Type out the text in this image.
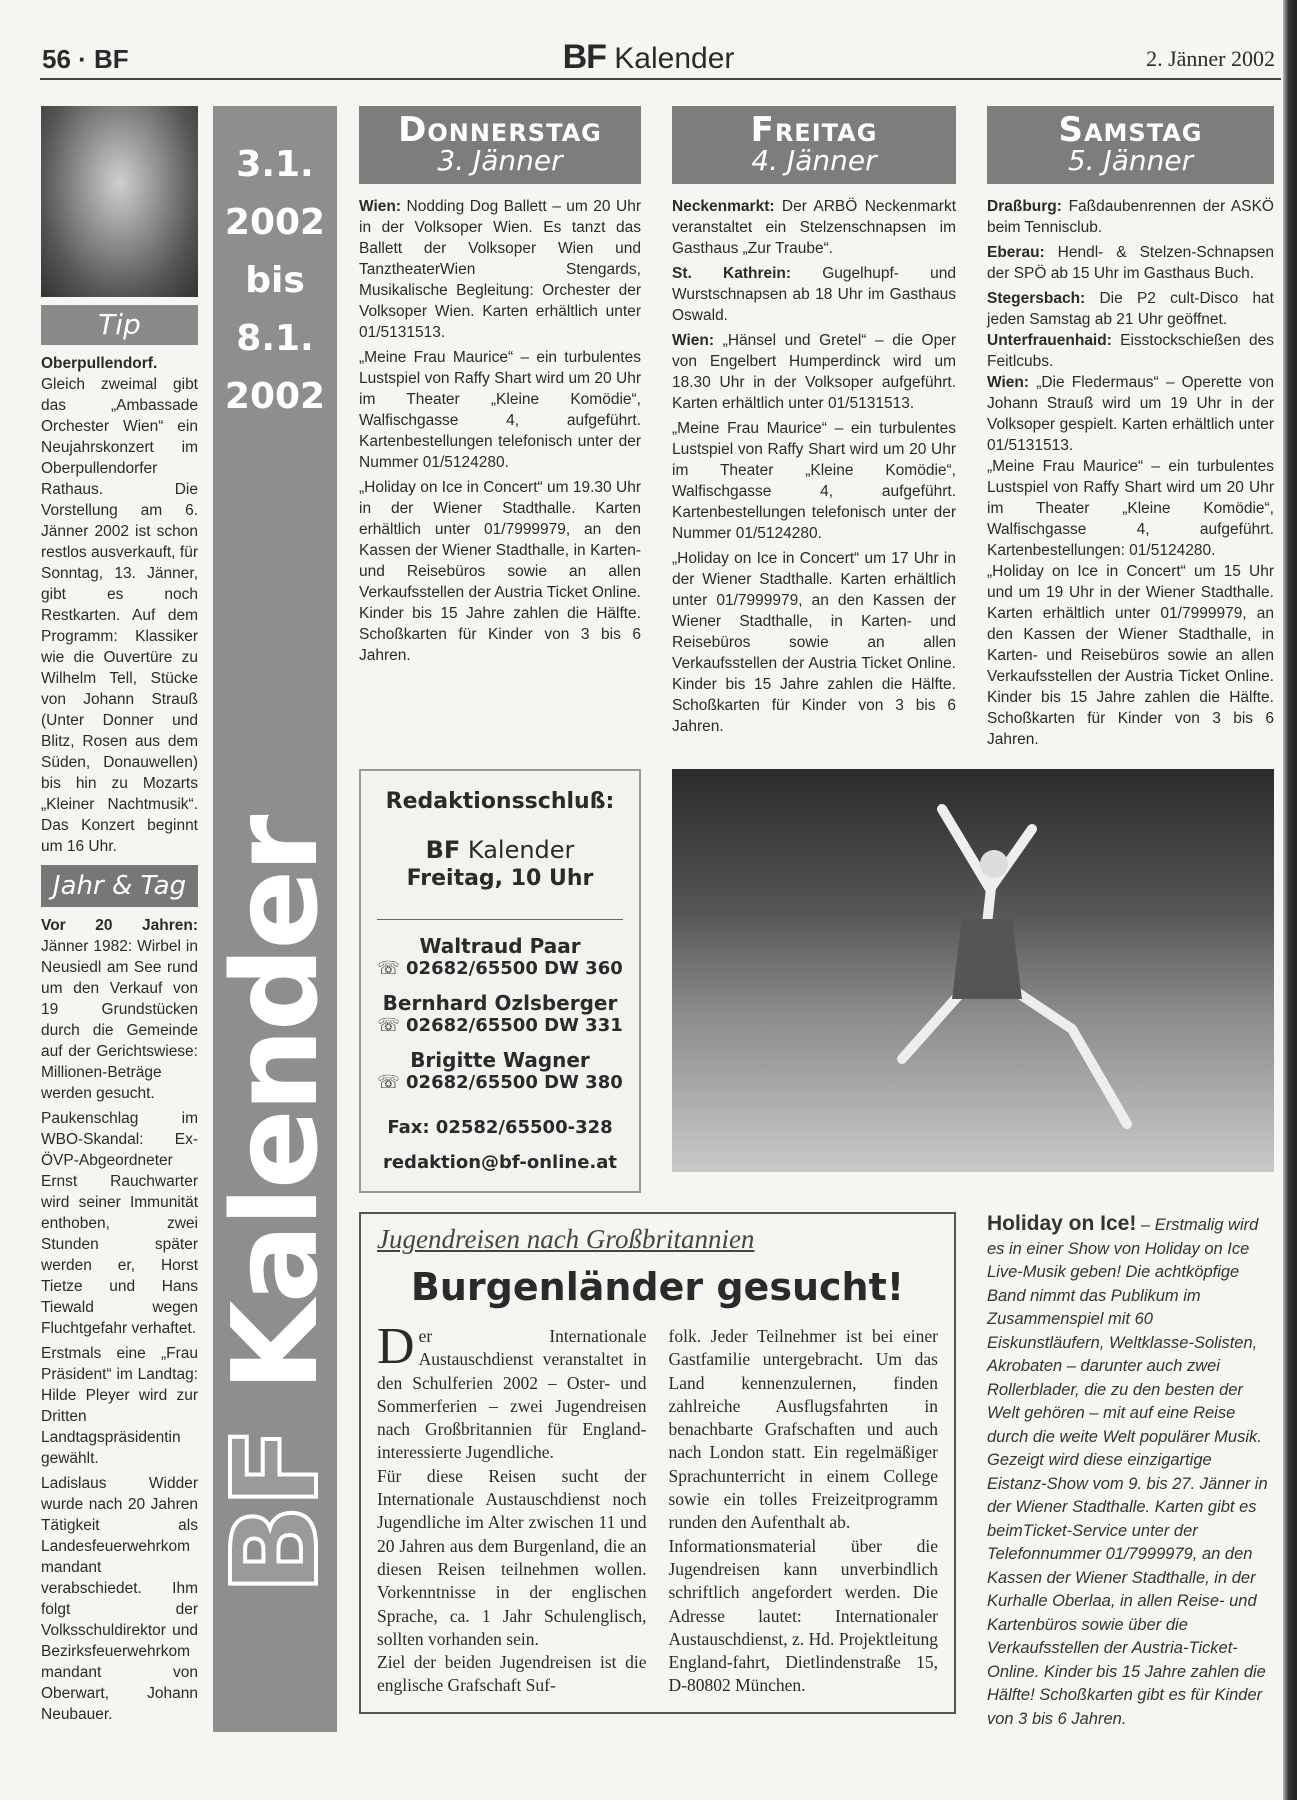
56 · BF	BF Kalender	2. Jänner 2002
Tip
Oberpullendorf. Gleich zweimal gibt das „Ambassade Orchester Wien“ ein Neujahrskonzert im Oberpullendorfer Rathaus. Die Vorstellung am 6. Jänner 2002 ist schon restlos ausverkauft, für Sonntag, 13. Jänner, gibt es noch Restkarten. Auf dem Programm: Klassiker wie die Ouvertüre zu Wilhelm Tell, Stücke von Johann Strauß (Unter Donner und Blitz, Rosen aus dem Süden, Donauwellen) bis hin zu Mozarts „Kleiner Nachtmusik“. Das Konzert beginnt um 16 Uhr.
Jahr & Tag

Vor 20 Jahren: Jänner 1982: Wirbel in Neusiedl am See rund um den Verkauf von 19 Grundstücken durch die Gemeinde auf der Gerichtswiese: Millionen-Beträge werden gesucht.

Paukenschlag im WBO-Skandal: Ex-ÖVP-Abgeordneter Ernst Rauchwarter wird seiner Immunität enthoben, zwei Stunden später werden er, Horst Tietze und Hans Tiewald wegen Fluchtgefahr verhaftet.

Erstmals eine „Frau Präsident“ im Landtag: Hilde Pleyer wird zur Dritten Landtagspräsidentin gewählt.

Ladislaus Widder wurde nach 20 Jahren Tätigkeit als Landesfeuerwehrkommandant verabschiedet. Ihm folgt der Volksschuldirektor und Bezirksfeuerwehrkommandant von Oberwart, Johann Neubauer.

3.1.
2002
bis
8.1.
2002
BF Kalender
Donnerstag
3. Jänner

Wien: Nodding Dog Ballett – um 20 Uhr in der Volksoper Wien. Es tanzt das Ballett der Volksoper Wien und TanztheaterWien Stengards, Musikalische Begleitung: Orchester der Volksoper Wien. Karten erhältlich unter 01/5131513.

„Meine Frau Maurice“ – ein turbulentes Lustspiel von Raffy Shart wird um 20 Uhr im Theater „Kleine Komödie“, Walfischgasse 4, aufgeführt. Kartenbestellungen telefonisch unter der Nummer 01/5124280.

„Holiday on Ice in Concert“ um 19.30 Uhr in der Wiener Stadthalle. Karten erhältlich unter 01/7999979, an den Kassen der Wiener Stadthalle, in Karten- und Reisebüros sowie an allen Verkaufsstellen der Austria Ticket Online. Kinder bis 15 Jahre zahlen die Hälfte. Schoßkarten für Kinder von 3 bis 6 Jahren.

Freitag
4. Jänner

Neckenmarkt: Der ARBÖ Neckenmarkt veranstaltet ein Stelzenschnapsen im Gasthaus „Zur Traube“.

St. Kathrein: Gugelhupf- und Wurstschnapsen ab 18 Uhr im Gasthaus Oswald.

Wien: „Hänsel und Gretel“ – die Oper von Engelbert Humperdinck wird um 18.30 Uhr in der Volksoper aufgeführt. Karten erhältlich unter 01/5131513.

„Meine Frau Maurice“ – ein turbulentes Lustspiel von Raffy Shart wird um 20 Uhr im Theater „Kleine Komödie“, Walfischgasse 4, aufgeführt. Kartenbestellungen telefonisch unter der Nummer 01/5124280.

„Holiday on Ice in Concert“ um 17 Uhr in der Wiener Stadthalle. Karten erhältlich unter 01/7999979, an den Kassen der Wiener Stadthalle, in Karten- und Reisebüros sowie an allen Verkaufsstellen der Austria Ticket Online. Kinder bis 15 Jahre zahlen die Hälfte. Schoßkarten für Kinder von 3 bis 6 Jahren.

Samstag
5. Jänner

Draßburg: Faßdaubenrennen der ASKÖ beim Tennisclub.

Eberau: Hendl- & Stelzen-Schnapsen der SPÖ ab 15 Uhr im Gasthaus Buch.

Stegersbach: Die P2 cult-Disco hat jeden Samstag ab 21 Uhr geöffnet.

Unterfrauenhaid: Eisstockschießen des Feitlcubs.

Wien: „Die Fledermaus“ – Operette von Johann Strauß wird um 19 Uhr in der Volksoper gespielt. Karten erhältlich unter 01/5131513.

„Meine Frau Maurice“ – ein turbulentes Lustspiel von Raffy Shart wird um 20 Uhr im Theater „Kleine Komödie“, Walfischgasse 4, aufgeführt. Kartenbestellungen: 01/5124280.

„Holiday on Ice in Concert“ um 15 Uhr und um 19 Uhr in der Wiener Stadthalle. Karten erhältlich unter 01/7999979, an den Kassen der Wiener Stadthalle, in Karten- und Reisebüros sowie an allen Verkaufsstellen der Austria Ticket Online. Kinder bis 15 Jahre zahlen die Hälfte. Schoßkarten für Kinder von 3 bis 6 Jahren.

Redaktionsschluß:
BF Kalender
Freitag, 10 Uhr
Waltraud Paar
☏ 02682/65500 DW 360
Bernhard Ozlsberger
☏ 02682/65500 DW 331
Brigitte Wagner
☏ 02682/65500 DW 380
Fax: 02582/65500-328
redaktion@bf-online.at
Jugendreisen nach Großbritannien
Burgenländer gesucht!

Der Internationale Austauschdienst veranstaltet in den Schulferien 2002 – Oster- und Sommerferien – zwei Jugendreisen nach Großbritannien für England-interessierte Jugendliche.

Für diese Reisen sucht der Internationale Austauschdienst noch Jugendliche im Alter zwischen 11 und 20 Jahren aus dem Burgenland, die an diesen Reisen teilnehmen wollen. Vorkenntnisse in der englischen Sprache, ca. 1 Jahr Schulenglisch, sollten vorhanden sein.

Ziel der beiden Jugendreisen ist die englische Grafschaft Suf-

folk. Jeder Teilnehmer ist bei einer Gastfamilie untergebracht. Um das Land kennenzulernen, finden zahlreiche Ausflugsfahrten in benachbarte Grafschaften und auch nach London statt. Ein regelmäßiger Sprachunterricht in einem College sowie ein tolles Freizeitprogramm runden den Aufenthalt ab.

Informationsmaterial über die Jugendreisen kann unverbindlich schriftlich angefordert werden. Die Adresse lautet: Internationaler Austauschdienst, z. Hd. Projektleitung England-fahrt, Dietlindenstraße 15, D-80802 München.

Holiday on Ice! – Erstmalig wird es in einer Show von Holiday on Ice Live-Musik geben! Die achtköpfige Band nimmt das Publikum im Zusammenspiel mit 60 Eiskunstläufern, Weltklasse-Solisten, Akrobaten – darunter auch zwei Rollerblader, die zu den besten der Welt gehören – mit auf eine Reise durch die weite Welt populärer Musik. Gezeigt wird diese einzigartige Eistanz-Show vom 9. bis 27. Jänner in der Wiener Stadthalle. Karten gibt es beimTicket-Service unter der Telefonnummer 01/7999979, an den Kassen der Wiener Stadthalle, in der Kurhalle Oberlaa, in allen Reise- und Kartenbüros sowie über die Verkaufsstellen der Austria-Ticket-Online. Kinder bis 15 Jahre zahlen die Hälfte! Schoßkarten gibt es für Kinder von 3 bis 6 Jahren.
